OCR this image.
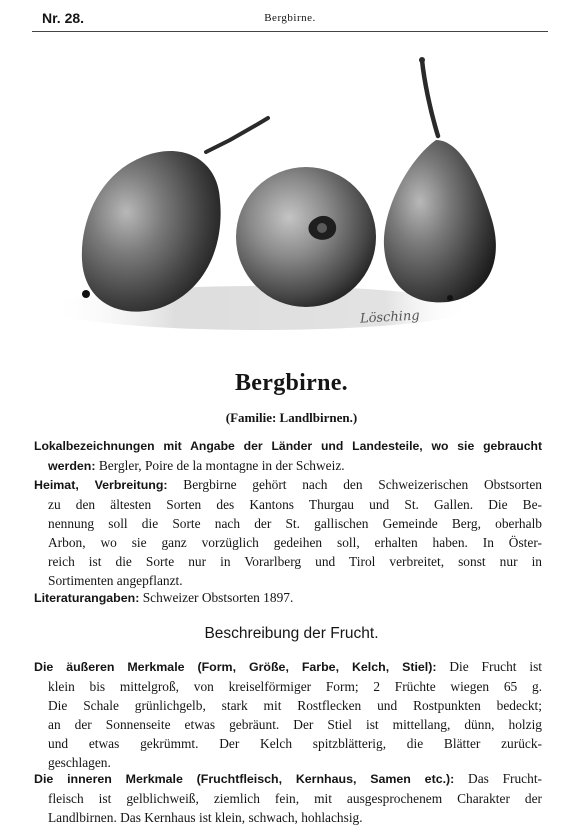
Nr. 28.	Bergbirne.
Lösching
Bergbirne.
(Familie: Landlbirnen.)
Lokalbezeichnungen mit Angabe der Länder und Landesteile, wo sie gebraucht
werden: Bergler, Poire de la montagne in der Schweiz.
Heimat, Verbreitung: Bergbirne gehört nach den Schweizerischen Obstsorten
zu den ältesten Sorten des Kantons Thurgau und St. Gallen. Die Be-
nennung soll die Sorte nach der St. gallischen Gemeinde Berg, oberhalb
Arbon, wo sie ganz vorzüglich gedeihen soll, erhalten haben. In Öster-
reich ist die Sorte nur in Vorarlberg und Tirol verbreitet, sonst nur in
Sortimenten angepflanzt.
Literaturangaben: Schweizer Obstsorten 1897.
Beschreibung der Frucht.
Die äußeren Merkmale (Form, Größe, Farbe, Kelch, Stiel): Die Frucht ist
klein bis mittelgroß, von kreiselförmiger Form; 2 Früchte wiegen 65 g.
Die Schale grünlichgelb, stark mit Rostflecken und Rostpunkten bedeckt;
an der Sonnenseite etwas gebräunt. Der Stiel ist mittellang, dünn, holzig
und etwas gekrümmt. Der Kelch spitzblätterig, die Blätter zurück-
geschlagen.
Die inneren Merkmale (Fruchtfleisch, Kernhaus, Samen etc.): Das Frucht-
fleisch ist gelblichweiß, ziemlich fein, mit ausgesprochenem Charakter der
Landlbirnen. Das Kernhaus ist klein, schwach, hohlachsig.
